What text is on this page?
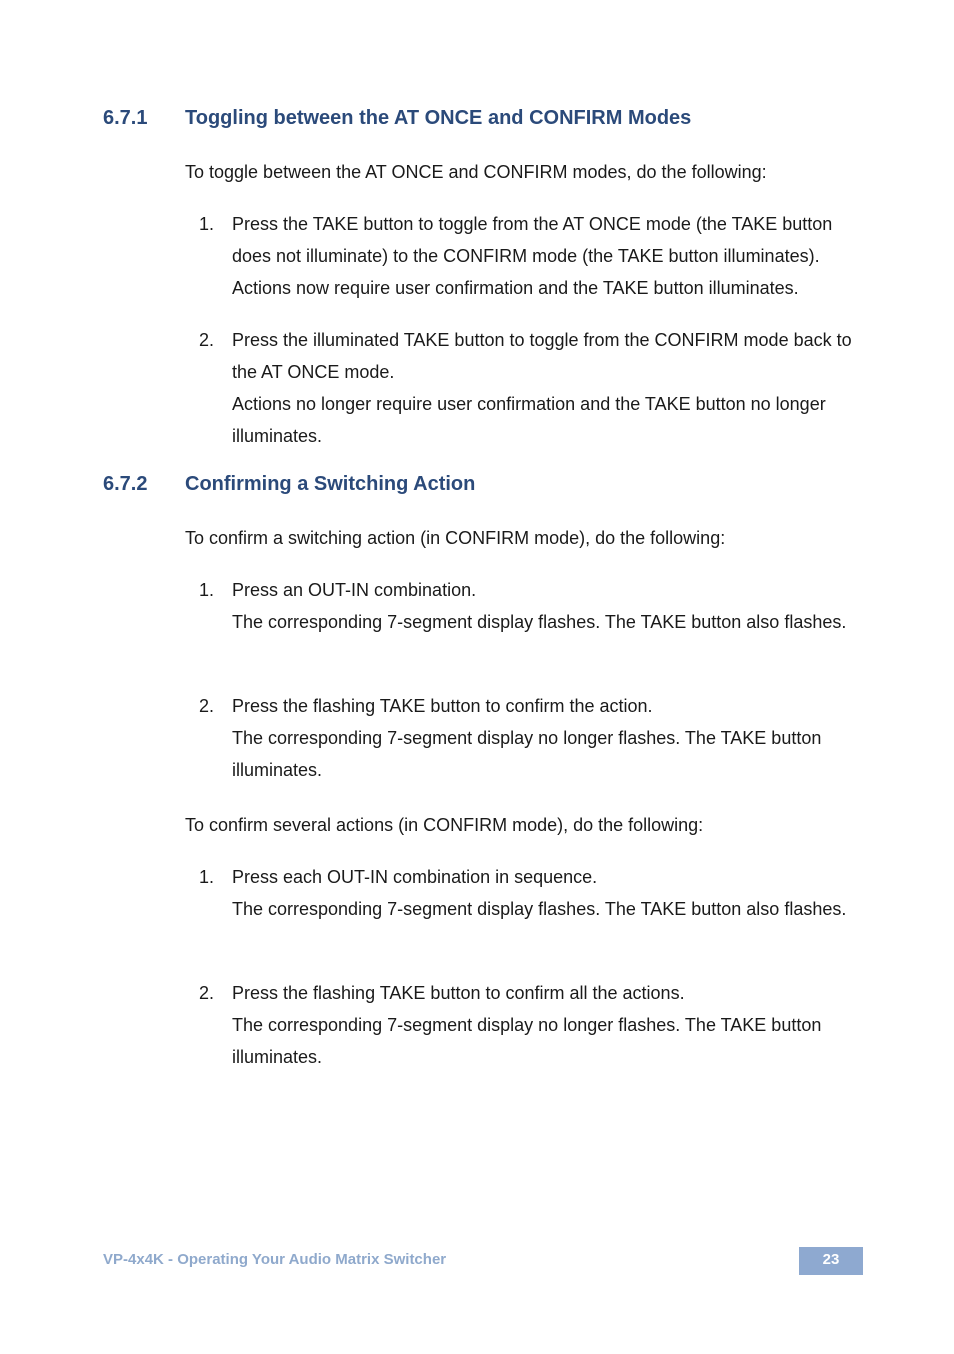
6.7.1	Toggling between the AT ONCE and CONFIRM Modes

To toggle between the AT ONCE and CONFIRM modes, do the following:

1. Press the TAKE button to toggle from the AT ONCE mode (the TAKE button does not illuminate) to the CONFIRM mode (the TAKE button illuminates).

Actions now require user confirmation and the TAKE button illuminates.

2. Press the illuminated TAKE button to toggle from the CONFIRM mode back to the AT ONCE mode.

Actions no longer require user confirmation and the TAKE button no longer illuminates.

6.7.2	Confirming a Switching Action

To confirm a switching action (in CONFIRM mode), do the following:

1. Press an OUT-IN combination.

The corresponding 7-segment display flashes. The TAKE button also flashes.

2. Press the flashing TAKE button to confirm the action.

The corresponding 7-segment display no longer flashes. The TAKE button illuminates.

To confirm several actions (in CONFIRM mode), do the following:

1. Press each OUT-IN combination in sequence.

The corresponding 7-segment display flashes. The TAKE button also flashes.

2. Press the flashing TAKE button to confirm all the actions.

The corresponding 7-segment display no longer flashes. The TAKE button illuminates.

VP-4x4K - Operating Your Audio Matrix Switcher	23
